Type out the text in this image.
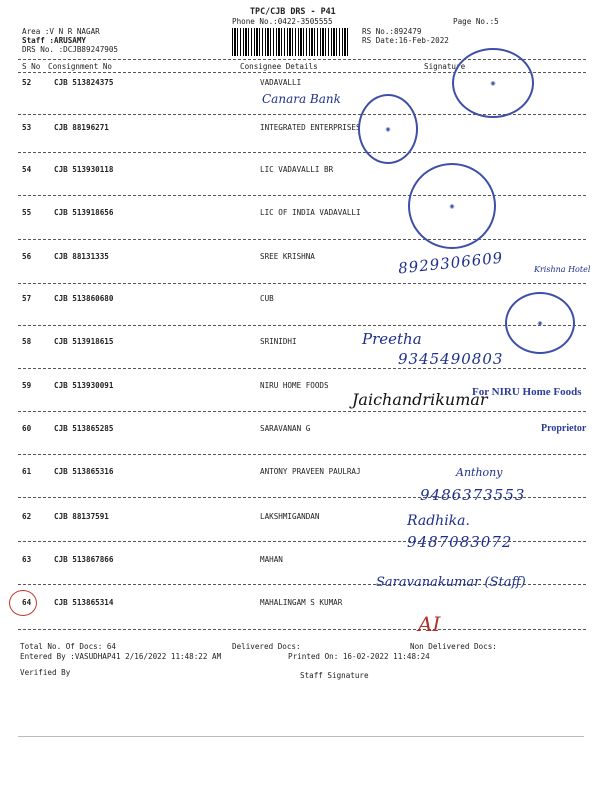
TPC/CJB DRS - P41
Phone No.:0422-3505555	Page No.:5
Area :V N R NAGAR
Staff :ARUSAMY
DRS No. :DCJB89247905
RS No.:892479
RS Date:16-Feb-2022
S No Consignment No	Consignee Details	Signature
52	CJB 513824375	VADAVALLI
53	CJB 88196271	INTEGRATED ENTERPRISES
54	CJB 513930118	LIC VADAVALLI BR
55	CJB 513918656	LIC OF INDIA VADAVALLI
56	CJB 88131335	SREE KRISHNA
57	CJB 513860680	CUB
58	CJB 513918615	SRINIDHI
59	CJB 513930091	NIRU HOME FOODS
60	CJB 513865285	SARAVANAN G
61	CJB 513865316	ANTONY PRAVEEN PAULRAJ
62	CJB 88137591	LAKSHMIGANDAN
63	CJB 513867866	MAHAN
64	CJB 513865314	MAHALINGAM S KUMAR
◉
◉
◉
◉
For NIRU Home Foods
Proprietor
Canara Bank
8929306609	Krishna Hotel
Preetha
9345490803
Jaichandrikumar
Anthony
9486373553
Radhika.
9487083072
Saravanakumar (Staff)
AI
Total No. Of Docs: 64	Delivered Docs:	Non Delivered Docs:
Entered By :VASUDHAP41 2/16/2022 11:48:22 AM	Printed On: 16-02-2022 11:48:24
Verified By	Staff Signature
